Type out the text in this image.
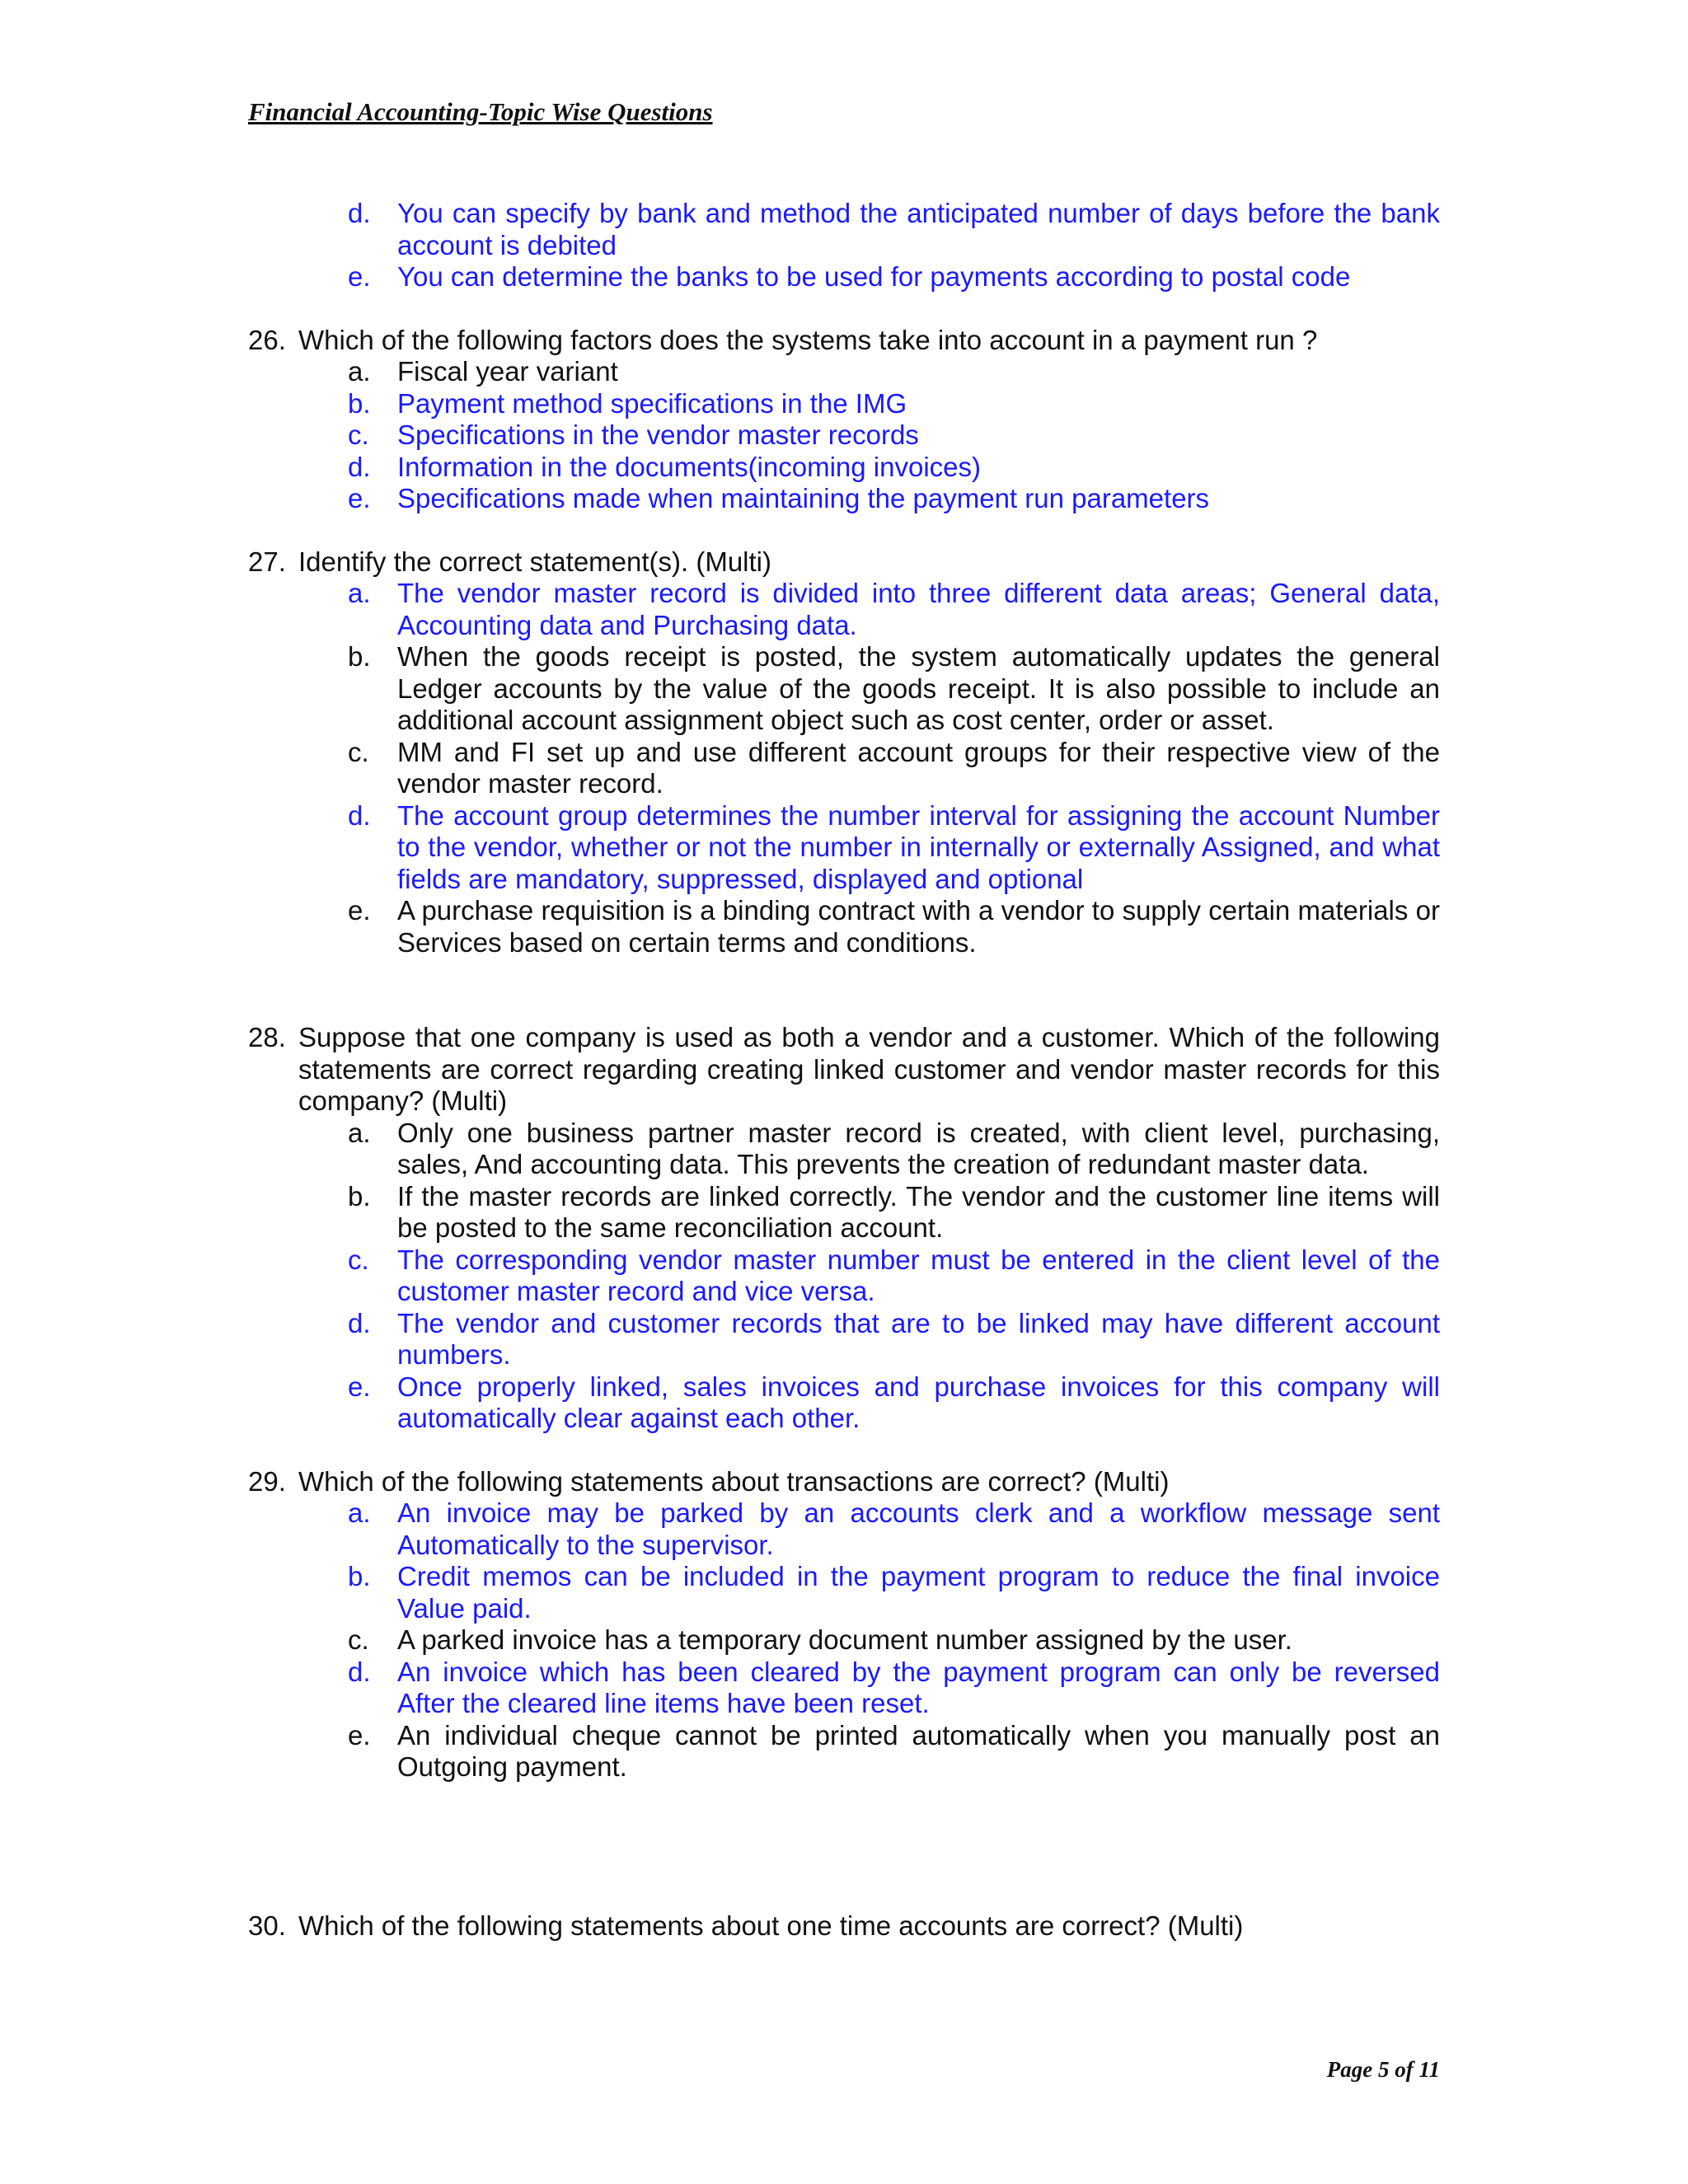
Financial Accounting-Topic Wise Questions
d. You can specify by bank and method the anticipated number of days before the bank account is debited
e. You can determine the banks to be used for payments according to postal code
26. Which of the following factors does the systems take into account in a payment run ?
a. Fiscal year variant
b. Payment method specifications in the IMG
c.	Specifications in the vendor master records
d. Information in the documents(incoming invoices)
e. Specifications made when maintaining the payment run parameters
27. Identify the correct statement(s). (Multi)
a. The vendor master record is divided into three different data areas; General data, Accounting data and Purchasing data.
b. When the goods receipt is posted, the system automatically updates the general Ledger accounts by the value of the goods receipt. It is also possible to include an additional account assignment object such as cost center, order or asset.
c.	MM and FI set up and use different account groups for their respective view of the vendor master record.
d. The account group determines the number interval for assigning the account Number to the vendor, whether or not the number in internally or externally Assigned, and what fields are mandatory, suppressed, displayed and optional
e. A purchase requisition is a binding contract with a vendor to supply certain materials or Services based on certain terms and conditions.
28. Suppose that one company is used as both a vendor and a customer. Which of the following statements are correct regarding creating linked customer and vendor master records for this company? (Multi)
a. Only one business partner master record is created, with client level, purchasing, sales, And accounting data. This prevents the creation of redundant master data.
b. If the master records are linked correctly. The vendor and the customer line items will be posted to the same reconciliation account.
c.	The corresponding vendor master number must be entered in the client level of the customer master record and vice versa.
d. The vendor and customer records that are to be linked may have different account numbers.
e. Once properly linked, sales invoices and purchase invoices for this company will automatically clear against each other.
29. Which of the following statements about transactions are correct? (Multi)
a. An invoice may be parked by an accounts clerk and a workflow message sent Automatically to the supervisor.
b. Credit memos can be included in the payment program to reduce the final invoice Value paid.
c.	A parked invoice has a temporary document number assigned by the user.
d. An invoice which has been cleared by the payment program can only be reversed After the cleared line items have been reset.
e. An individual cheque cannot be printed automatically when you manually post an Outgoing payment.
30. Which of the following statements about one time accounts are correct? (Multi)
Page 5 of 11
